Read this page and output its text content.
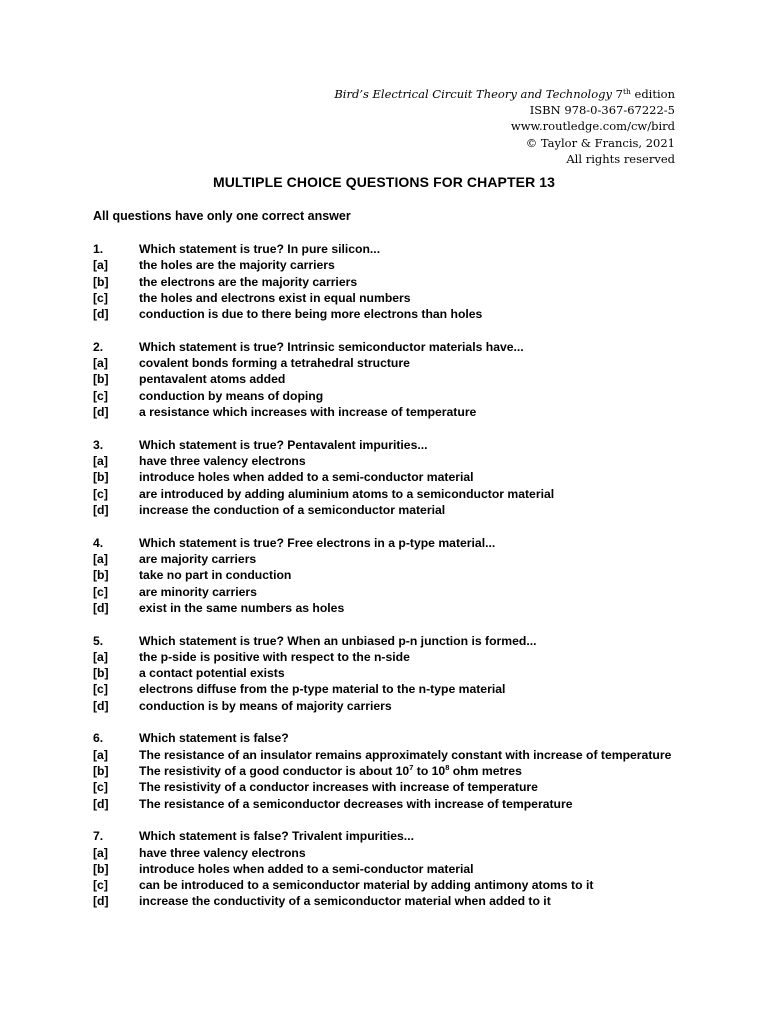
Bird’s Electrical Circuit Theory and Technology 7th edition
ISBN 978-0-367-67222-5
www.routledge.com/cw/bird
© Taylor & Francis, 2021
All rights reserved
MULTIPLE CHOICE QUESTIONS FOR CHAPTER 13
All questions have only one correct answer
1.	Which statement is true? In pure silicon...
[a]	the holes are the majority carriers
[b]	the electrons are the majority carriers
[c]	the holes and electrons exist in equal numbers
[d]	conduction is due to there being more electrons than holes
2.	Which statement is true? Intrinsic semiconductor materials have...
[a]	covalent bonds forming a tetrahedral structure
[b]	pentavalent atoms added
[c]	conduction by means of doping
[d]	a resistance which increases with increase of temperature
3.	Which statement is true? Pentavalent impurities...
[a]	have three valency electrons
[b]	introduce holes when added to a semi-conductor material
[c]	are introduced by adding aluminium atoms to a semiconductor material
[d]	increase the conduction of a semiconductor material
4.	Which statement is true? Free electrons in a p-type material...
[a]	are majority carriers
[b]	take no part in conduction
[c]	are minority carriers
[d]	exist in the same numbers as holes
5.	Which statement is true? When an unbiased p-n junction is formed...
[a]	the p-side is positive with respect to the n-side
[b]	a contact potential exists
[c]	electrons diffuse from the p-type material to the n-type material
[d]	conduction is by means of majority carriers
6.	Which statement is false?
[a]	The resistance of an insulator remains approximately constant with increase of temperature
[b]	The resistivity of a good conductor is about $10^7$ to $10^8$ ohm metres
[c]	The resistivity of a conductor increases with increase of temperature
[d]	The resistance of a semiconductor decreases with increase of temperature
7.	Which statement is false? Trivalent impurities...
[a]	have three valency electrons
[b]	introduce holes when added to a semi-conductor material
[c]	can be introduced to a semiconductor material by adding antimony atoms to it
[d]	increase the conductivity of a semiconductor material when added to it
